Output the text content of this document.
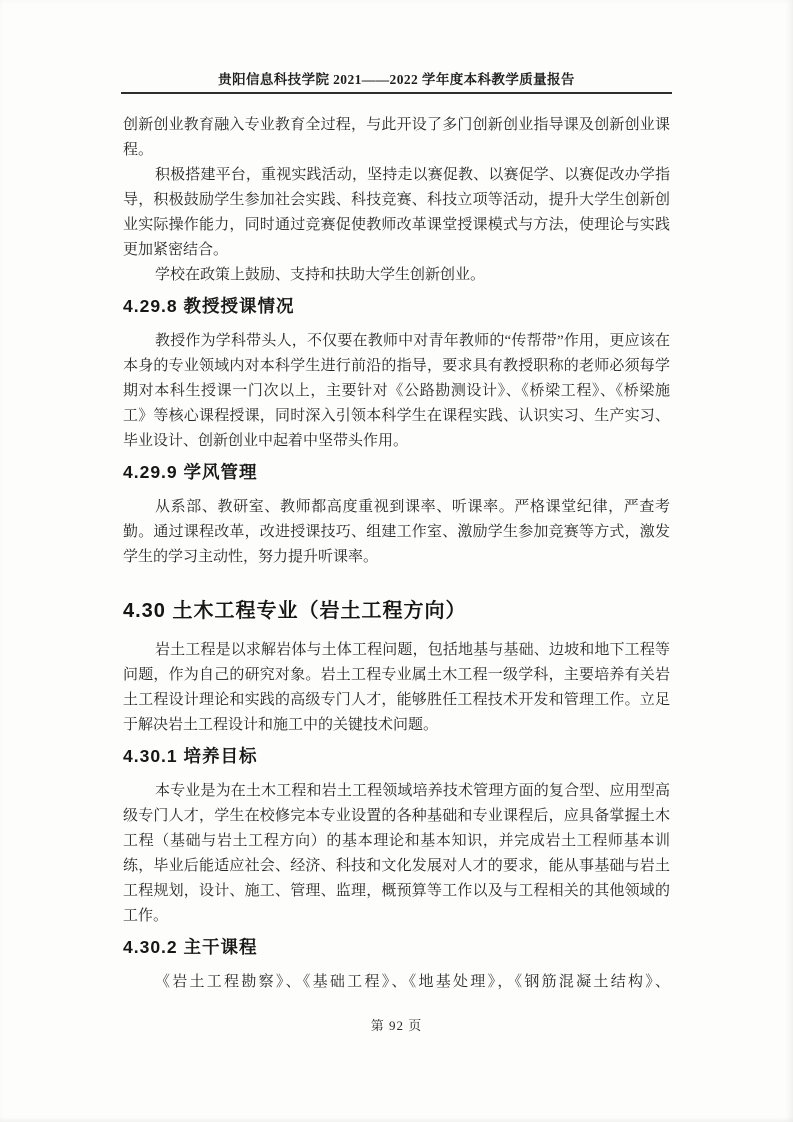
贵阳信息科技学院 2021——2022 学年度本科教学质量报告

创新创业教育融入专业教育全过程，与此开设了多门创新创业指导课及创新创业课程。

积极搭建平台，重视实践活动，坚持走以赛促教、以赛促学、以赛促改办学指导，积极鼓励学生参加社会实践、科技竞赛、科技立项等活动，提升大学生创新创业实际操作能力，同时通过竞赛促使教师改革课堂授课模式与方法，使理论与实践更加紧密结合。

学校在政策上鼓励、支持和扶助大学生创新创业。

4.29.8 教授授课情况

教授作为学科带头人，不仅要在教师中对青年教师的“传帮带”作用，更应该在本身的专业领域内对本科学生进行前沿的指导，要求具有教授职称的老师必须每学期对本科生授课一门次以上，主要针对《公路勘测设计》、《桥梁工程》、《桥梁施工》等核心课程授课，同时深入引领本科学生在课程实践、认识实习、生产实习、毕业设计、创新创业中起着中坚带头作用。

4.29.9 学风管理

从系部、教研室、教师都高度重视到课率、听课率。严格课堂纪律，严查考勤。通过课程改革，改进授课技巧、组建工作室、激励学生参加竞赛等方式，激发学生的学习主动性，努力提升听课率。

4.30 土木工程专业（岩土工程方向）

岩土工程是以求解岩体与土体工程问题，包括地基与基础、边坡和地下工程等问题，作为自己的研究对象。岩土工程专业属土木工程一级学科，主要培养有关岩土工程设计理论和实践的高级专门人才，能够胜任工程技术开发和管理工作。立足于解决岩土工程设计和施工中的关键技术问题。

4.30.1 培养目标

本专业是为在土木工程和岩土工程领域培养技术管理方面的复合型、应用型高级专门人才，学生在校修完本专业设置的各种基础和专业课程后，应具备掌握土木工程（基础与岩土工程方向）的基本理论和基本知识，并完成岩土工程师基本训练，毕业后能适应社会、经济、科技和文化发展对人才的要求，能从事基础与岩土工程规划，设计、施工、管理、监理，概预算等工作以及与工程相关的其他领域的工作。

4.30.2 主干课程

《岩土工程勘察》、《基础工程》、《地基处理》，《钢筋混凝土结构》、

第 92 页
